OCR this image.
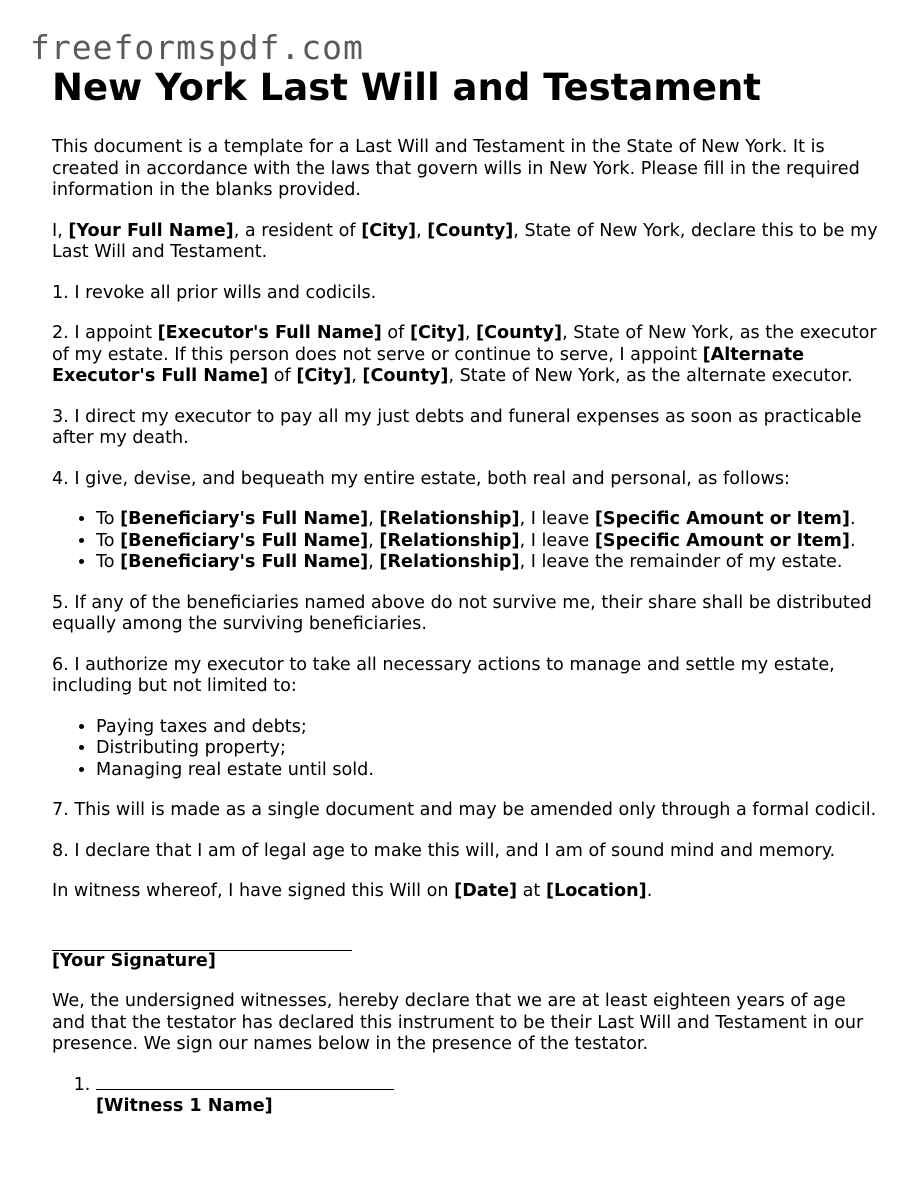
freeformspdf.com
New York Last Will and Testament

This document is a template for a Last Will and Testament in the State of New York. It is created in accordance with the laws that govern wills in New York. Please fill in the required information in the blanks provided.

I, [Your Full Name], a resident of [City], [County], State of New York, declare this to be my Last Will and Testament.

1. I revoke all prior wills and codicils.

2. I appoint [Executor's Full Name] of [City], [County], State of New York, as the executor of my estate. If this person does not serve or continue to serve, I appoint [Alternate Executor's Full Name] of [City], [County], State of New York, as the alternate executor.

3. I direct my executor to pay all my just debts and funeral expenses as soon as practicable after my death.

4. I give, devise, and bequeath my entire estate, both real and personal, as follows:

• To [Beneficiary's Full Name], [Relationship], I leave [Specific Amount or Item].
• To [Beneficiary's Full Name], [Relationship], I leave [Specific Amount or Item].
• To [Beneficiary's Full Name], [Relationship], I leave the remainder of my estate.

5. If any of the beneficiaries named above do not survive me, their share shall be distributed equally among the surviving beneficiaries.

6. I authorize my executor to take all necessary actions to manage and settle my estate, including but not limited to:

• Paying taxes and debts;
• Distributing property;
• Managing real estate until sold.

7. This will is made as a single document and may be amended only through a formal codicil.

8. I declare that I am of legal age to make this will, and I am of sound mind and memory.

In witness whereof, I have signed this Will on [Date] at [Location].

[Your Signature]

We, the undersigned witnesses, hereby declare that we are at least eighteen years of age and that the testator has declared this instrument to be their Last Will and Testament in our presence. We sign our names below in the presence of the testator.

1. [Witness 1 Name]
